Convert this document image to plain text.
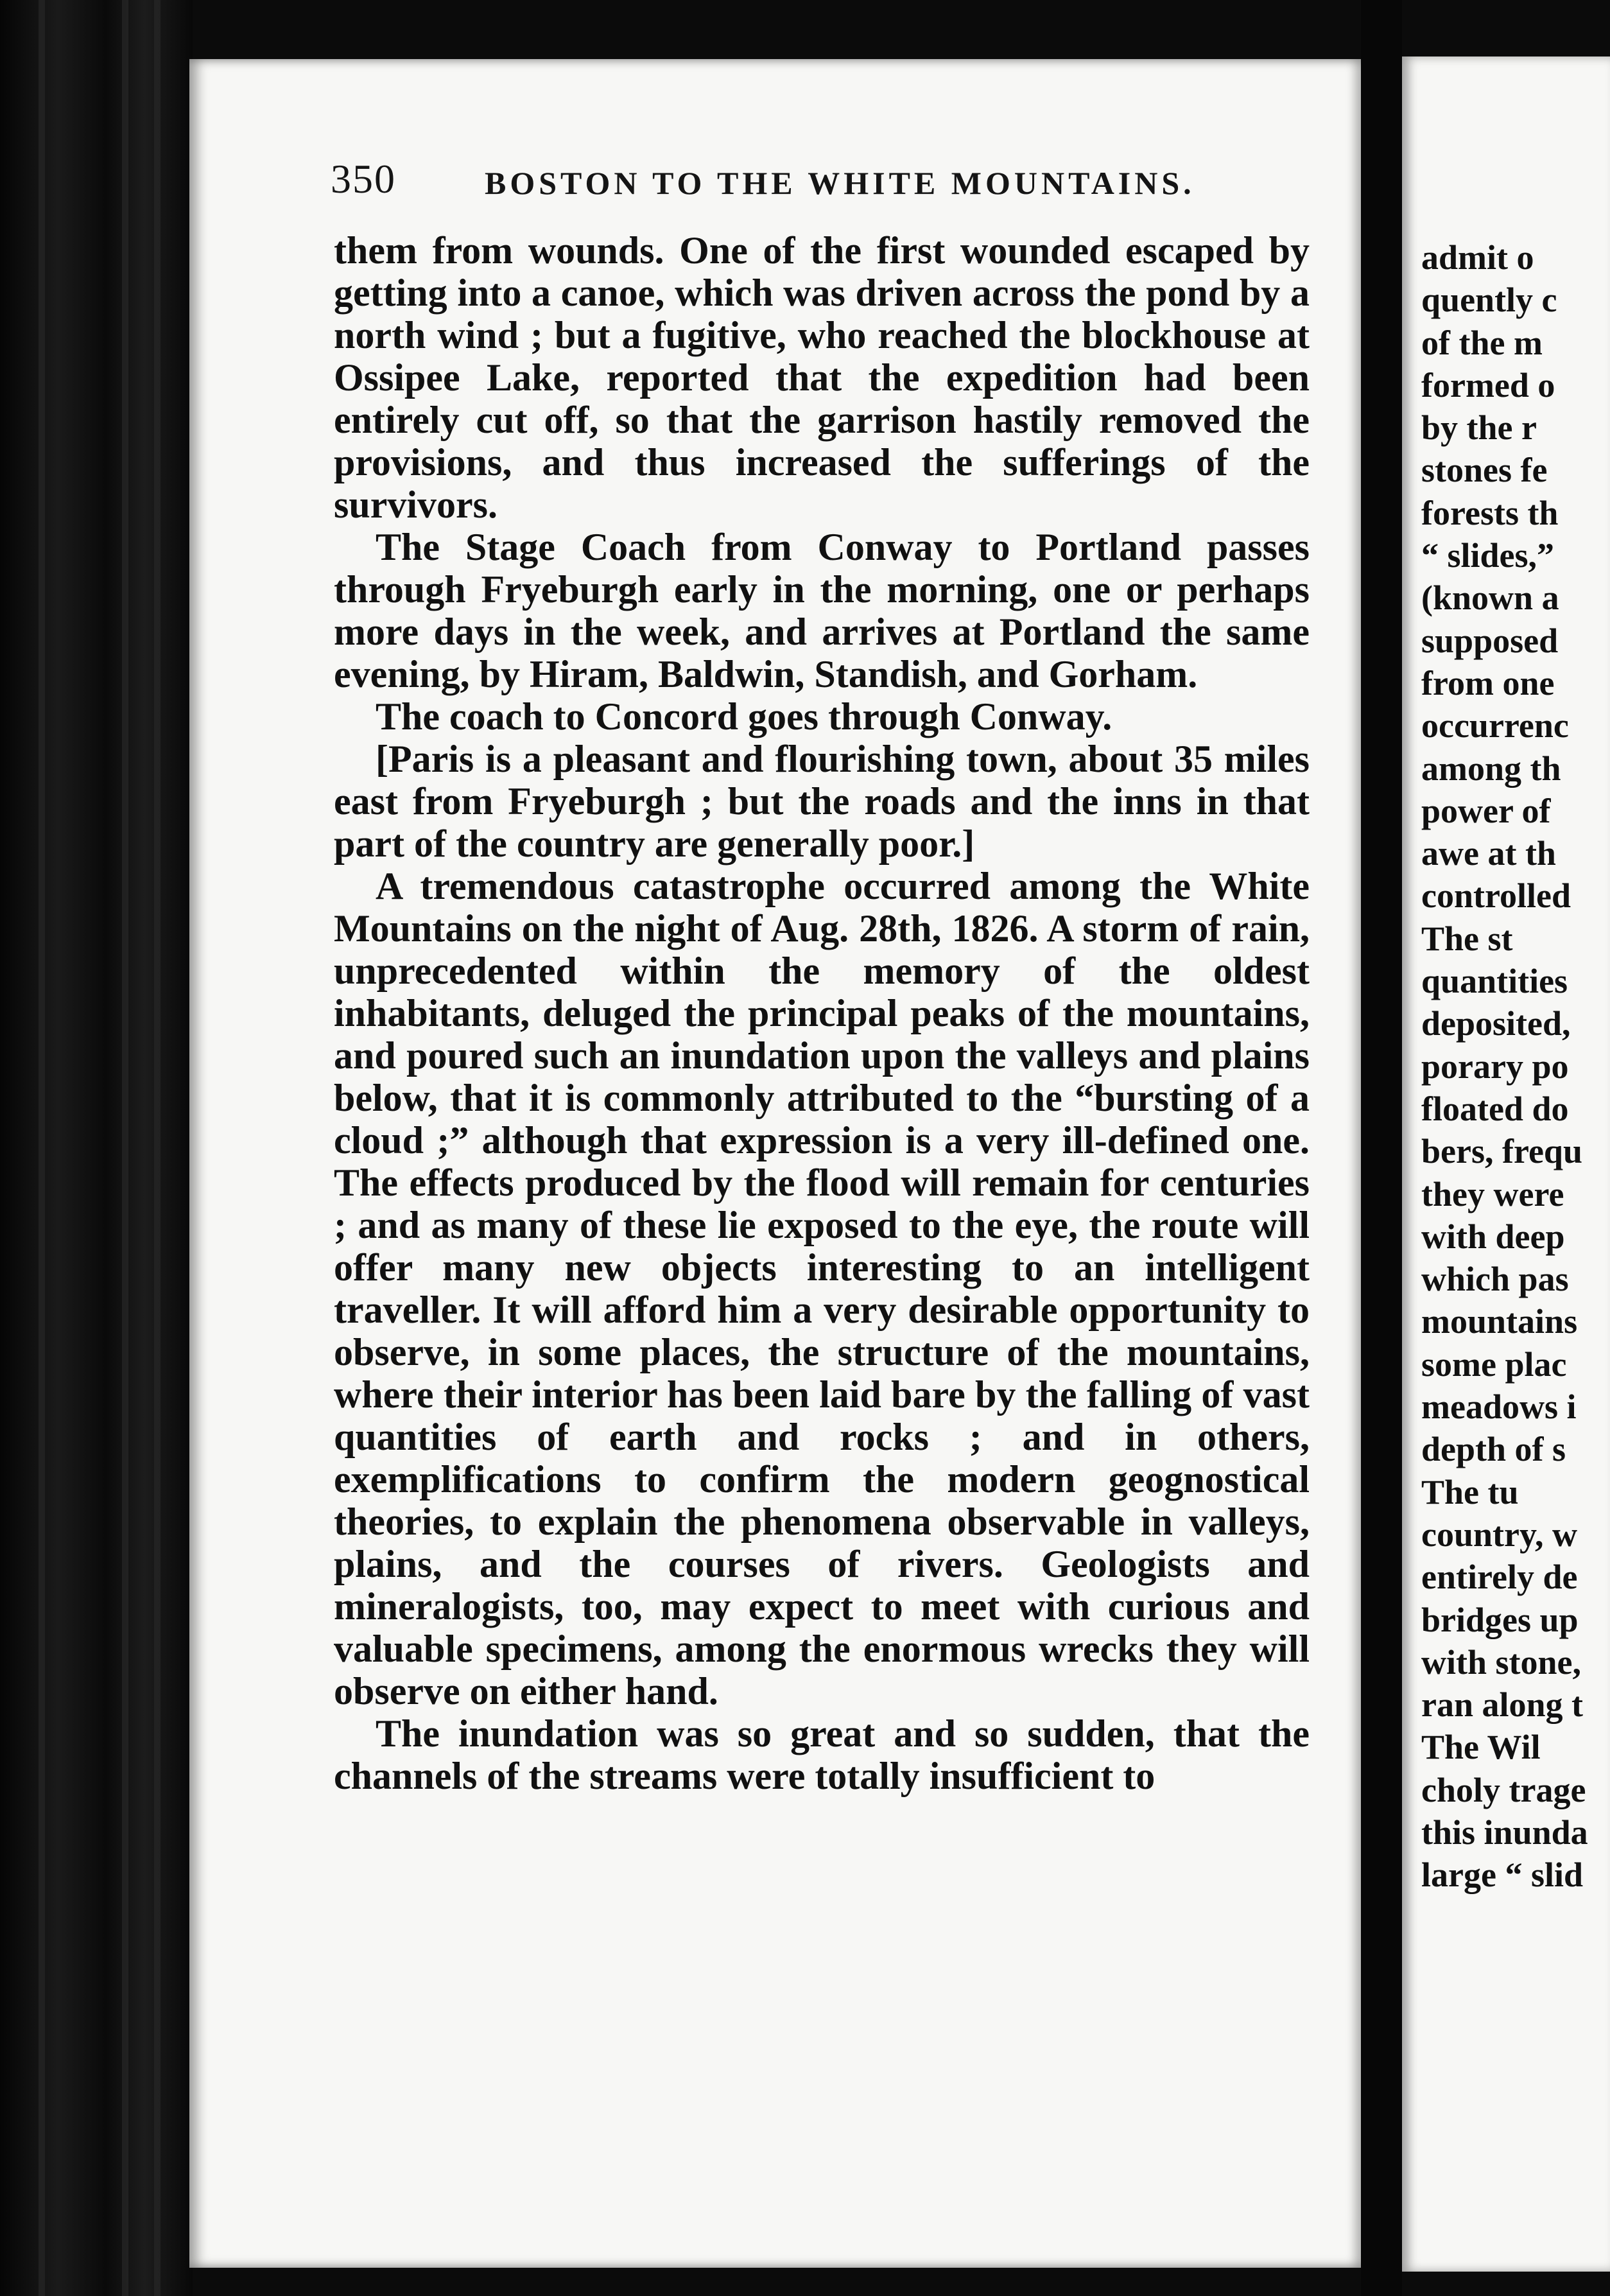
350	BOSTON TO THE WHITE MOUNTAINS.

them from wounds. One of the first wounded escaped by getting into a canoe, which was driven across the pond by a north wind ; but a fugitive, who reached the blockhouse at Ossipee Lake, reported that the expedition had been entirely cut off, so that the garrison hastily removed the provisions, and thus increased the sufferings of the survivors.

The Stage Coach from Conway to Portland passes through Fryeburgh early in the morning, one or perhaps more days in the week, and arrives at Portland the same evening, by Hiram, Baldwin, Standish, and Gorham.

The coach to Concord goes through Conway.

[Paris is a pleasant and flourishing town, about 35 miles east from Fryeburgh ; but the roads and the inns in that part of the country are generally poor.]

A tremendous catastrophe occurred among the White Mountains on the night of Aug. 28th, 1826. A storm of rain, unprecedented within the memory of the oldest inhabitants, deluged the principal peaks of the mountains, and poured such an inundation upon the valleys and plains below, that it is commonly attributed to the “bursting of a cloud ;” although that expression is a very ill-defined one. The effects produced by the flood will remain for centuries ; and as many of these lie exposed to the eye, the route will offer many new objects interesting to an intelligent traveller. It will afford him a very desirable opportunity to observe, in some places, the structure of the mountains, where their interior has been laid bare by the falling of vast quantities of earth and rocks ; and in others, exemplifications to confirm the modern geognostical theories, to explain the phenomena observable in valleys, plains, and the courses of rivers. Geologists and mineralogists, too, may expect to meet with curious and valuable specimens, among the enormous wrecks they will observe on either hand.

The inundation was so great and so sudden, that the channels of the streams were totally insufficient to

admit o
quently c
of the m
formed o
by the r
stones fe
forests th
“ slides,”
(known a
supposed
from one
occurrenc
among th
power of
awe at th
controlled
The st
quantities
deposited,
porary po
floated do
bers, frequ
they were
with deep
which pas
mountains
some plac
meadows i
depth of s
The tu
country, w
entirely de
bridges up
with stone,
ran along t
The Wil
choly trage
this inunda
large “ slid
